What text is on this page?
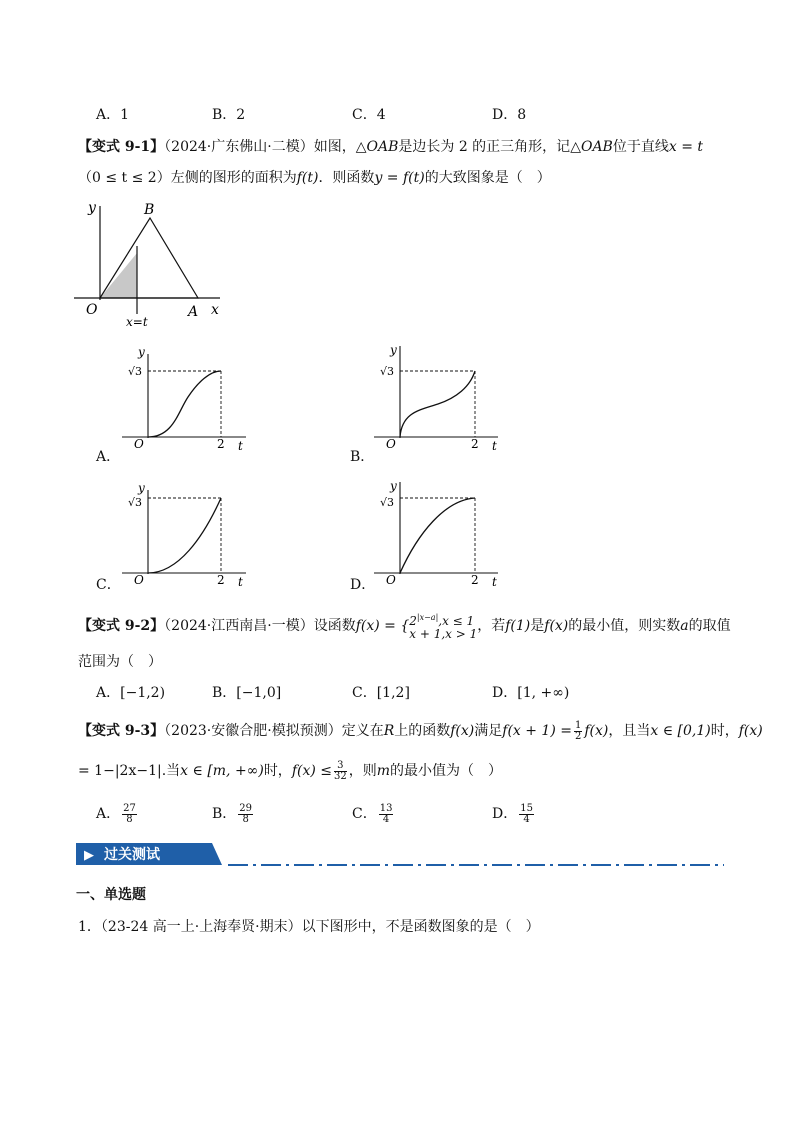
A．1	B．2	C．4	D．8
【变式 9-1】（2024·广东佛山·二模）如图，△OAB是边长为 2 的正三角形，记△OAB位于直线x = t
（0 ≤ t ≤ 2）左侧的图形的面积为f(t)．则函数y = f(t)的大致图象是（　）
y	B
O	A x
x=t
y
√3
O	2 t
A．
y
√3
O	2 t
B．
y
√3
O	2 t
C．
y
√3
O	2 t
D．
【变式 9-2】（2024·江西南昌·一模）设函数f(x) = { $2^{|x-a|},x \le 1$
x + 1,x > 1 ，若f(1)是f(x)的最小值，则实数a的取值
范围为（　）
A．[−1,2)	B．[−1,0]	C．[1,2]	D．[1, +∞)
【变式 9-3】（2023·安徽合肥·模拟预测）定义在R上的函数f(x)满足$f(x + 1) = \frac{1}{2} f(x)$，且当x ∈ [0,1)时，f(x)
= 1−|2x−1|.当x ∈ [m, +∞)时，$f(x) \le \frac{3}{32}$ ，则m的最小值为（　）
A． $\frac{27}{8}$	B． $\frac{29}{8}$	C． $\frac{13}{4}$	D． $\frac{15}{4}$
▶ 过关测试
一、单选题
1．（23-24 高一上·上海奉贤·期末）以下图形中，不是函数图象的是（　）
